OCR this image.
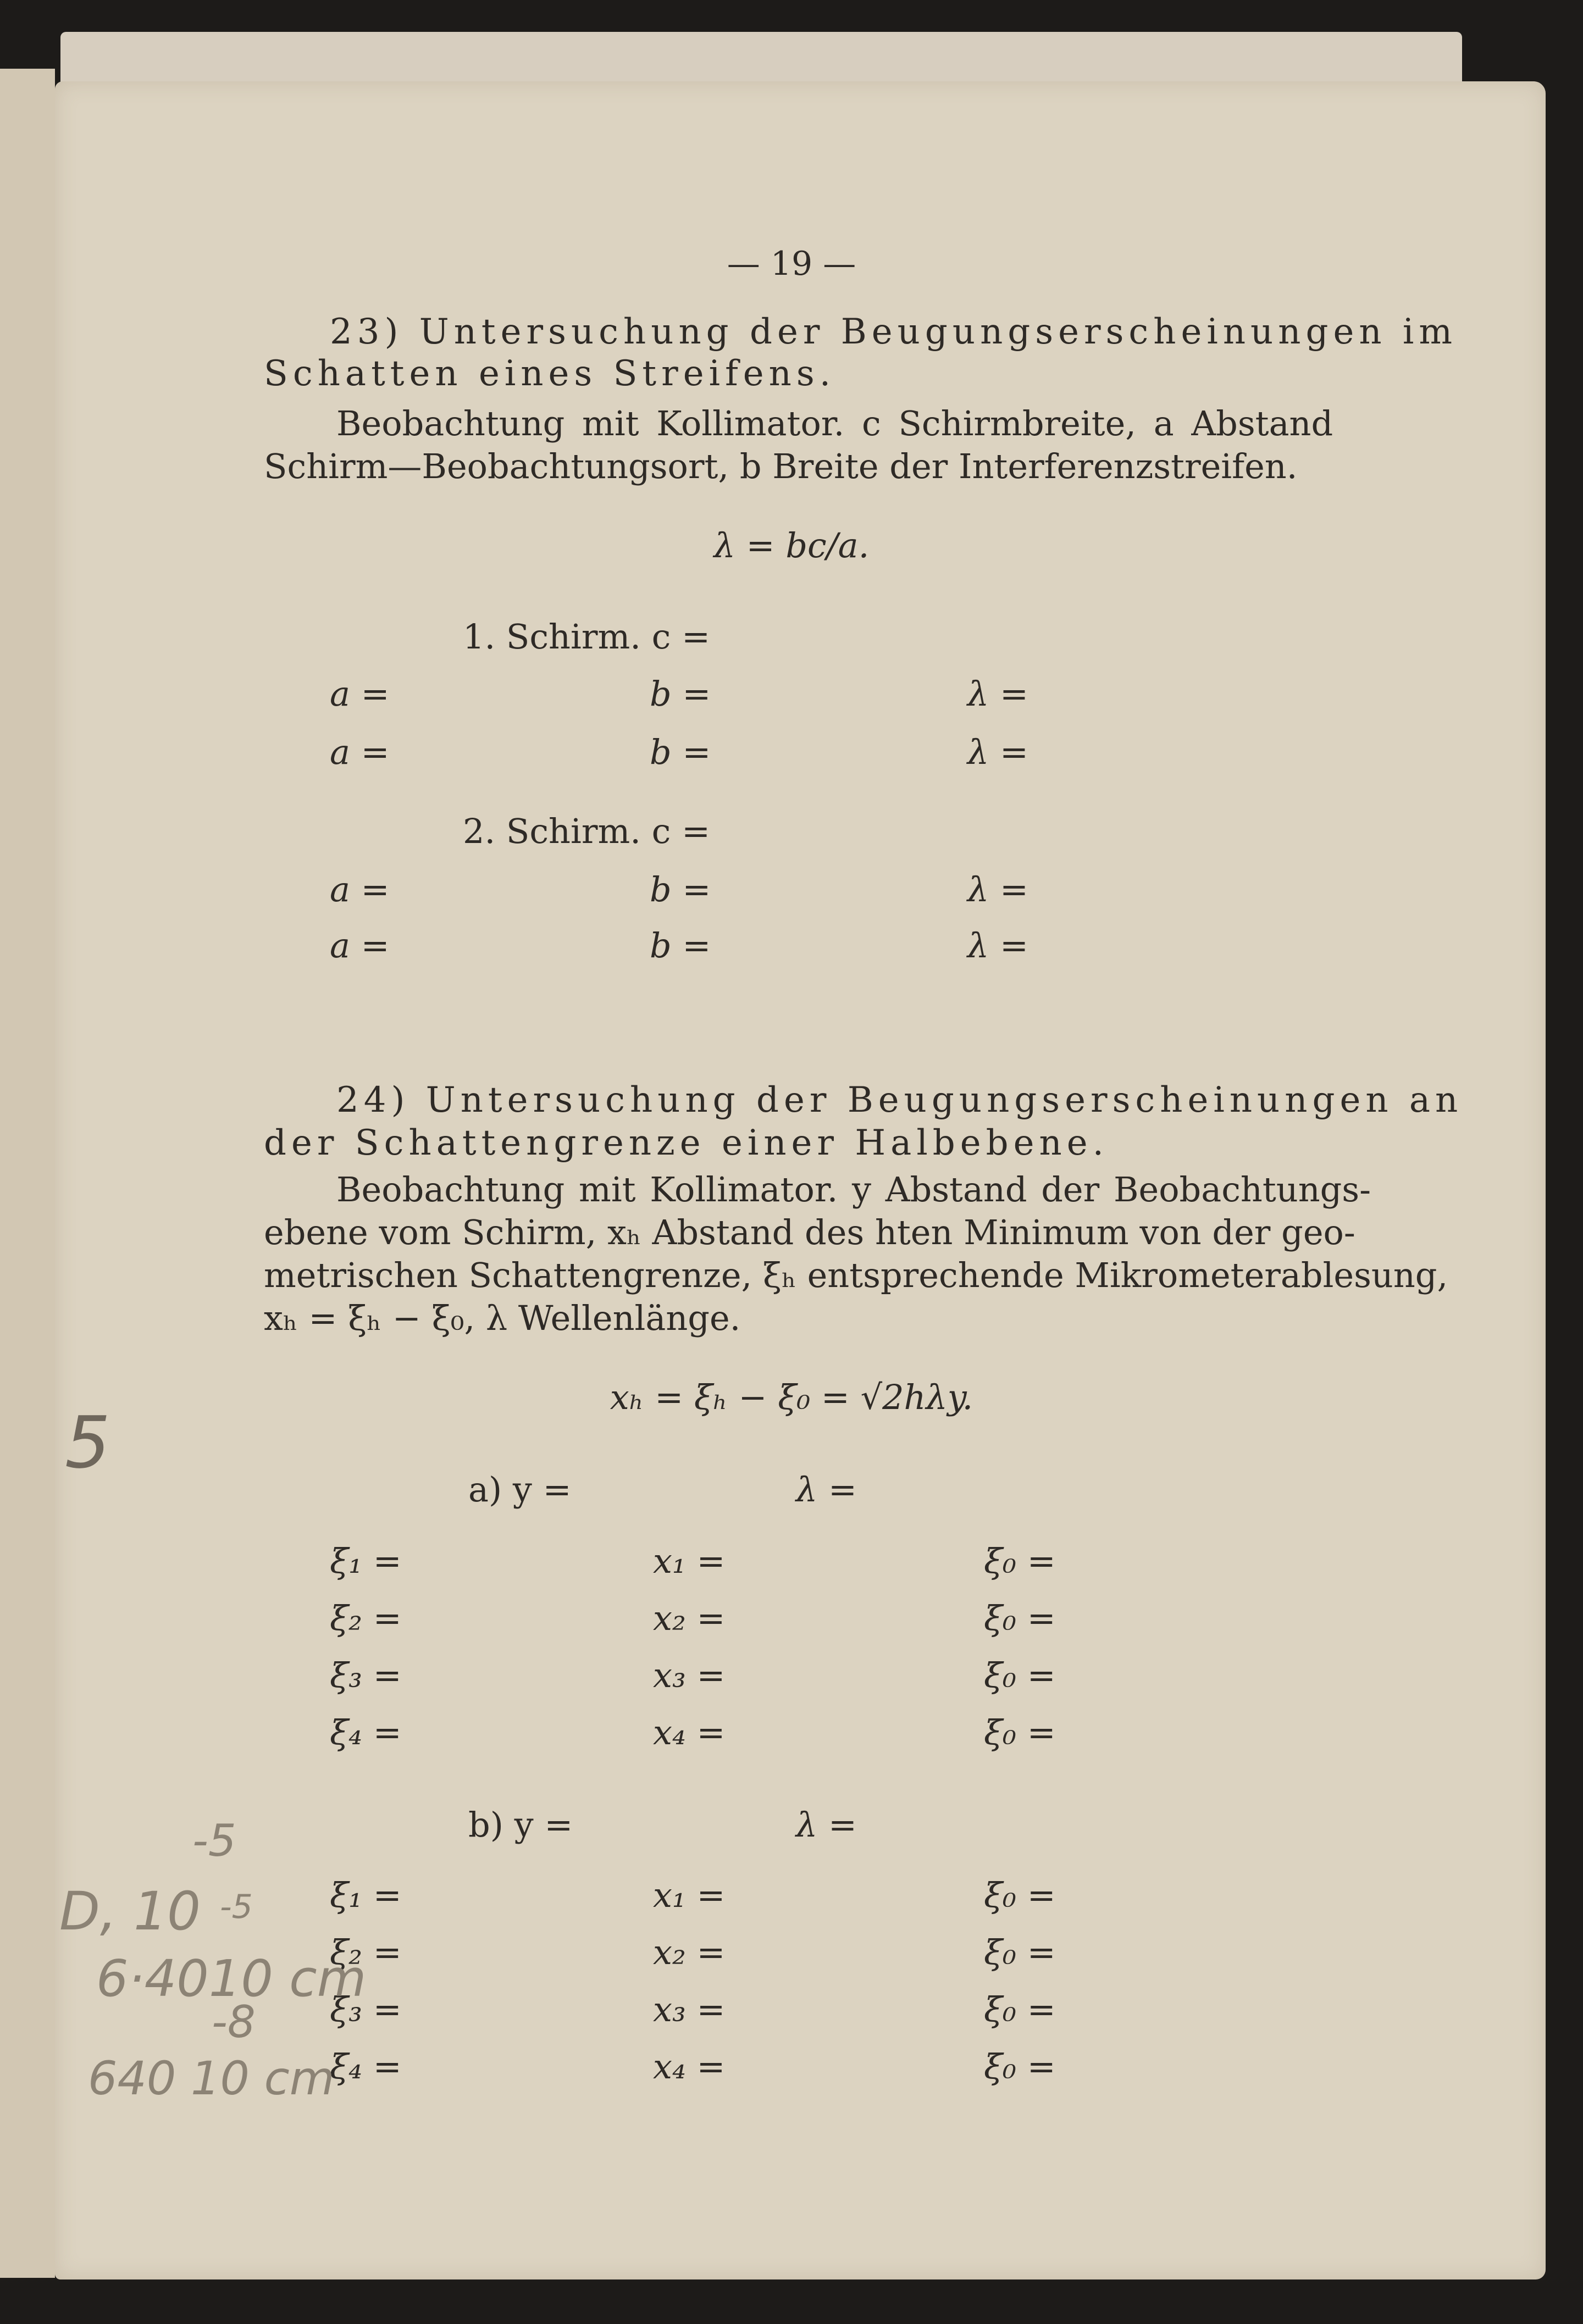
— 19 —
23) Untersuchung der Beugungserscheinungen im
Schatten eines Streifens.
Beobachtung mit Kollimator. c Schirmbreite, a Abstand
Schirm—Beobachtungsort, b Breite der Interferenzstreifen.
λ = bc/a.
1. Schirm. c =
a =	b =	λ =
a =	b =	λ =
2. Schirm. c =
a =	b =	λ =
a =	b =	λ =
24) Untersuchung der Beugungserscheinungen an
der Schattengrenze einer Halbebene.
Beobachtung mit Kollimator. y Abstand der Beobachtungs-
ebene vom Schirm, xₕ Abstand des hten Minimum von der geo-
metrischen Schattengrenze, ξₕ entsprechende Mikrometerablesung,
xₕ = ξₕ − ξ₀, λ Wellenlänge.
xₕ = ξₕ − ξ₀ = √2hλy.
a) y =	λ =
ξ₁ =	x₁ =	ξ₀ =
ξ₂ =	x₂ =	ξ₀ =
ξ₃ =	x₃ =	ξ₀ =
ξ₄ =	x₄ =	ξ₀ =
b) y =	λ =
ξ₁ =	x₁ =	ξ₀ =
ξ₂ =	x₂ =	ξ₀ =
ξ₃ =	x₃ =	ξ₀ =
ξ₄ =	x₄ =	ξ₀ =
5
-5
D, 10 -5
6·4010 cm
-8
640 10 cm
